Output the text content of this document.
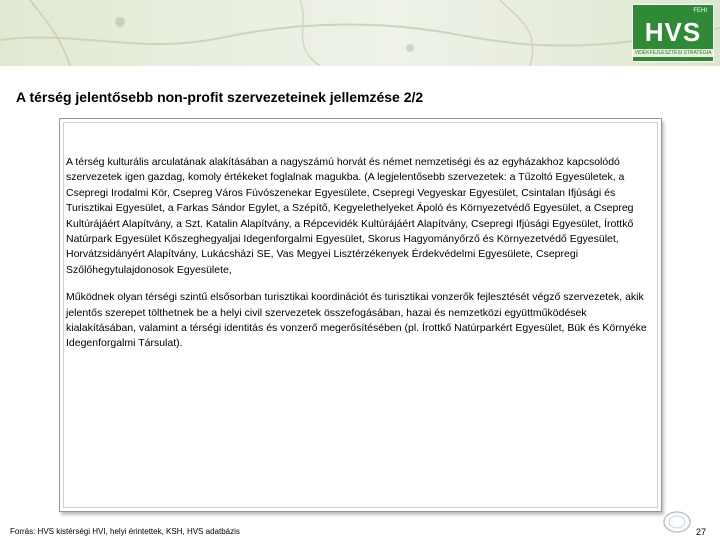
FEHI
HVS
VIDÉKFEJLESZTÉSI STRATÉGIA
A térség jelentősebb non-profit szervezeteinek jellemzése 2/2

A térség kulturális arculatának alakításában a nagyszámú horvát és német nemzetiségi és az egyházakhoz kapcsolódó szervezetek igen gazdag, komoly értékeket foglalnak magukba. (A legjelentősebb szervezetek: a Tűzoltó Egyesületek, a Csepregi Irodalmi Kör, Csepreg Város Fúvószenekar Egyesülete, Csepregi Vegyeskar Egyesület, Csintalan Ifjúsági és Turisztikai Egyesület, a Farkas Sándor Egylet, a Szépítő, Kegyelethelyeket Ápoló és Környezetvédő Egyesület, a Csepreg Kultúrájáért Alapítvány, a Szt. Katalin Alapítvány, a Répcevidék Kultúrájáért Alapítvány, Csepregi Ifjúsági Egyesület, Írottkő Natúrpark Egyesület Kőszeghegyaljai Idegenforgalmi Egyesület, Skorus Hagyományőrző és Környezetvédő Egyesület, Horvátzsidányért Alapítvány, Lukácsházi SE, Vas Megyei Lisztérzékenyek Érdekvédelmi Egyesülete, Csepregi Szőlőhegytulajdonosok Egyesülete,

Működnek olyan térségi szintű elsősorban turisztikai koordinációt és turisztikai vonzerők fejlesztését végző szervezetek, akik jelentős szerepet tölthetnek be a helyi civil szervezetek összefogásában, hazai és nemzetközi együttműködések kialakításában, valamint a térségi identitás és vonzerő megerősítésében (pl. Írottkő Natúrparkért Egyesület, Bük és Környéke Idegenforgalmi Társulat).

Forrás: HVS kistérségi HVI, helyi érintettek, KSH, HVS adatbázis	27
